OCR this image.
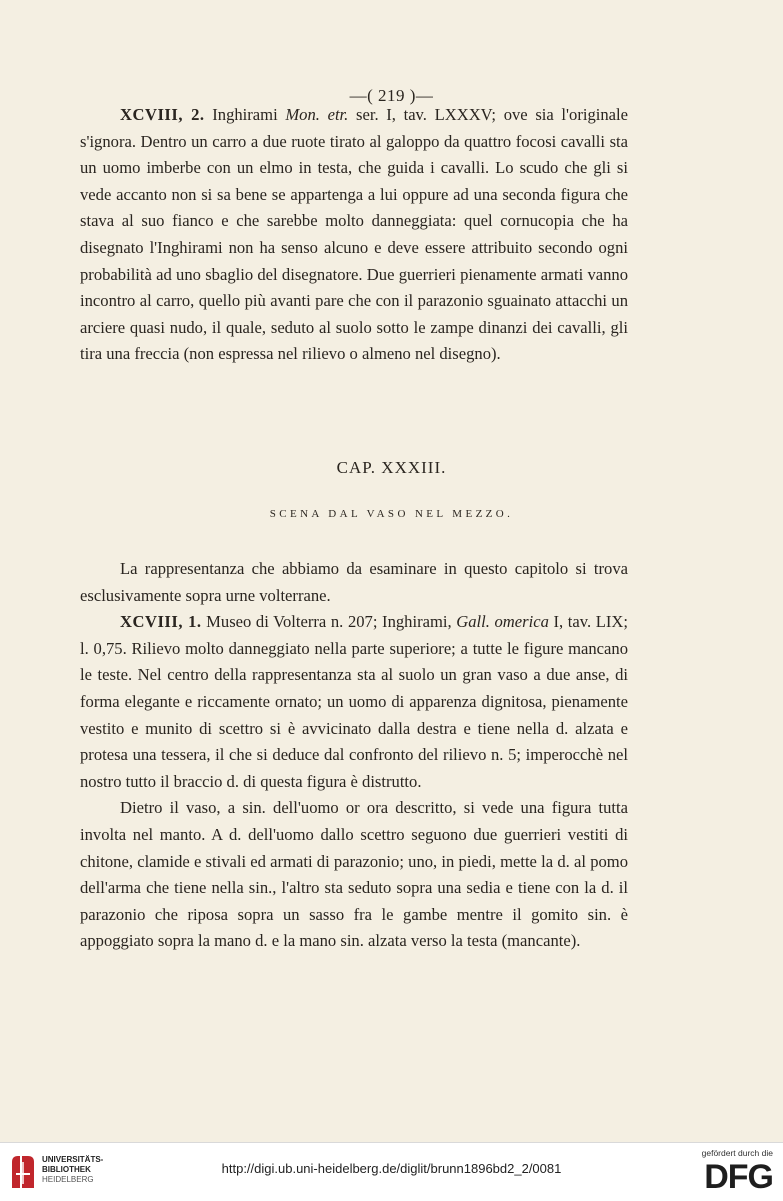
—( 219 )—

XCVIII, 2. Inghirami Mon. etr. ser. I, tav. LXXXV; ove sia l'originale s'ignora. Dentro un carro a due ruote tirato al galoppo da quattro focosi cavalli sta un uomo imberbe con un elmo in testa, che guida i cavalli. Lo scudo che gli si vede accanto non si sa bene se appartenga a lui oppure ad una seconda figura che stava al suo fianco e che sarebbe molto danneggiata: quel cornucopia che ha disegnato l'Inghirami non ha senso alcuno e deve essere attribuito secondo ogni probabilità ad uno sbaglio del disegnatore. Due guerrieri pienamente armati vanno incontro al carro, quello più avanti pare che con il parazonio sguainato attacchi un arciere quasi nudo, il quale, seduto al suolo sotto le zampe dinanzi dei cavalli, gli tira una freccia (non espressa nel rilievo o almeno nel disegno).

CAP. XXXIII.
SCENA DAL VASO NEL MEZZO.

La rappresentanza che abbiamo da esaminare in questo capitolo si trova esclusivamente sopra urne volterrane.

XCVIII, 1. Museo di Volterra n. 207; Inghirami, Gall. omerica I, tav. LIX; l. 0,75. Rilievo molto danneggiato nella parte superiore; a tutte le figure mancano le teste. Nel centro della rappresentanza sta al suolo un gran vaso a due anse, di forma elegante e riccamente ornato; un uomo di apparenza dignitosa, pienamente vestito e munito di scettro si è avvicinato dalla destra e tiene nella d. alzata e protesa una tessera, il che si deduce dal confronto del rilievo n. 5; imperocchè nel nostro tutto il braccio d. di questa figura è distrutto.

Dietro il vaso, a sin. dell'uomo or ora descritto, si vede una figura tutta involta nel manto. A d. dell'uomo dallo scettro seguono due guerrieri vestiti di chitone, clamide e stivali ed armati di parazonio; uno, in piedi, mette la d. al pomo dell'arma che tiene nella sin., l'altro sta seduto sopra una sedia e tiene con la d. il parazonio che riposa sopra un sasso fra le gambe mentre il gomito sin. è appoggiato sopra la mano d. e la mano sin. alzata verso la testa (mancante).

UNIVERSITÄTS-
BIBLIOTHEK
HEIDELBERG
http://digi.ub.uni-heidelberg.de/diglit/brunn1896bd2_2/0081
gefördert durch die
DFG
